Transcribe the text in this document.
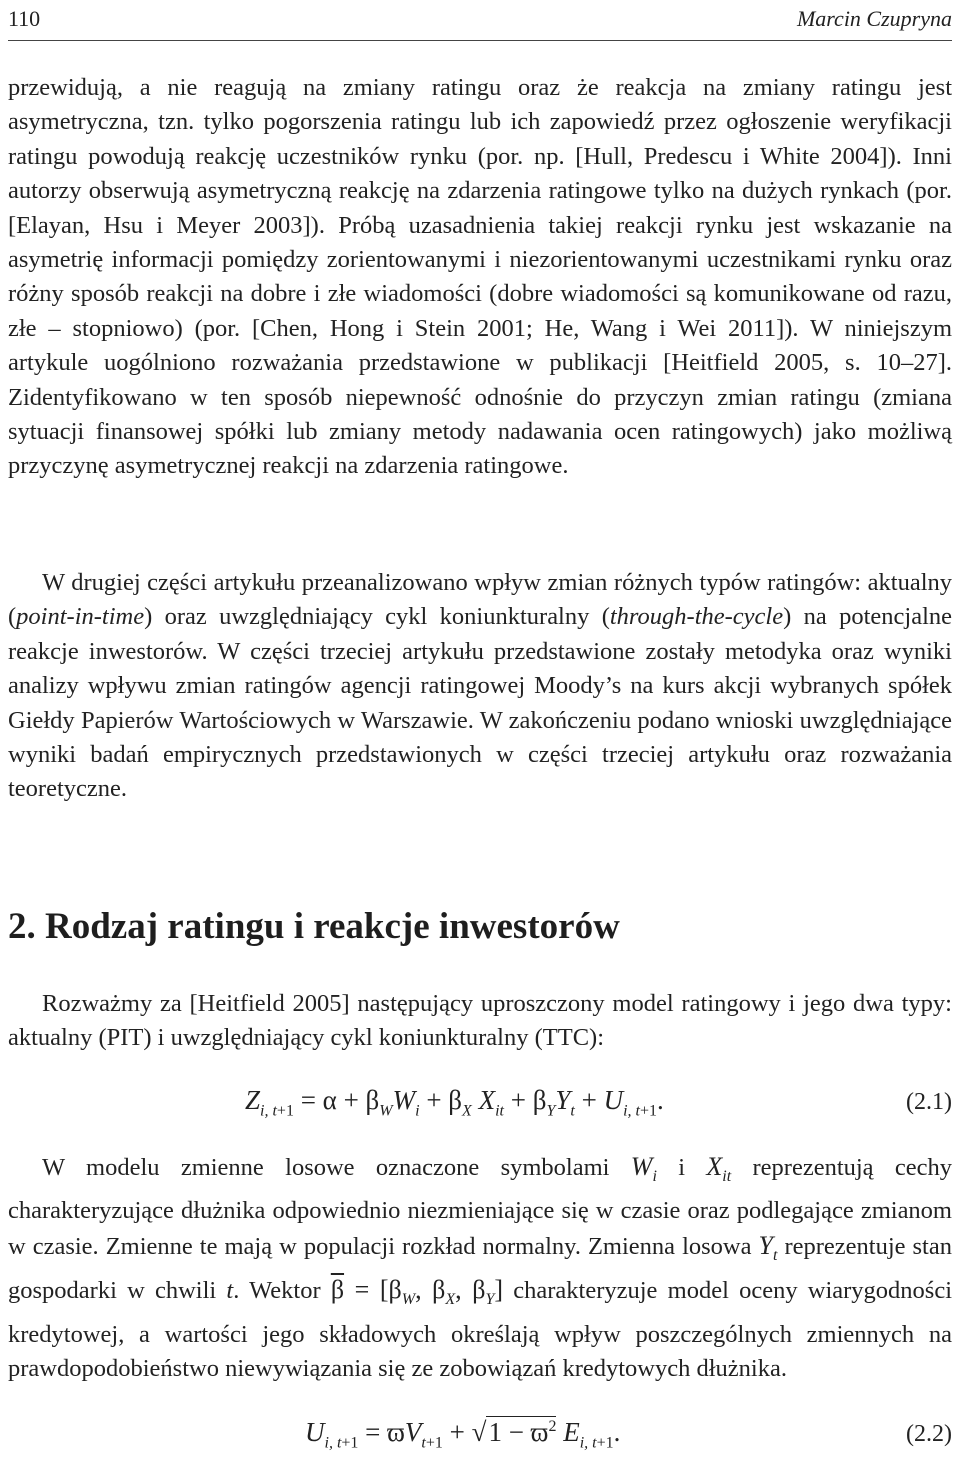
110	Marcin Czupryna

przewidują, a nie reagują na zmiany ratingu oraz że reakcja na zmiany ratingu jest asymetryczna, tzn. tylko pogorszenia ratingu lub ich zapowiedź przez ogłoszenie weryfikacji ratingu powodują reakcję uczestników rynku (por. np. [Hull, Predescu i White 2004]). Inni autorzy obserwują asymetryczną reakcję na zdarzenia ratingowe tylko na dużych rynkach (por. [Elayan, Hsu i Meyer 2003]). Próbą uzasadnienia takiej reakcji rynku jest wskazanie na asymetrię informacji pomiędzy zorientowanymi i niezorientowanymi uczestnikami rynku oraz różny sposób reakcji na dobre i złe wiadomości (dobre wiadomości są komunikowane od razu, złe – stopniowo) (por. [Chen, Hong i Stein 2001; He, Wang i Wei 2011]). W niniejszym artykule uogólniono rozważania przedstawione w publikacji [Heitfield 2005, s. 10–27]. Zidentyfikowano w ten sposób niepewność odnośnie do przyczyn zmian ratingu (zmiana sytuacji finansowej spółki lub zmiany metody nadawania ocen ratingowych) jako możliwą przyczynę asymetrycznej reakcji na zdarzenia ratingowe.

W drugiej części artykułu przeanalizowano wpływ zmian różnych typów ratingów: aktualny (point-in-time) oraz uwzględniający cykl koniunkturalny (through-the-cycle) na potencjalne reakcje inwestorów. W części trzeciej artykułu przedstawione zostały metodyka oraz wyniki analizy wpływu zmian ratingów agencji ratingowej Moody’s na kurs akcji wybranych spółek Giełdy Papierów Wartościowych w Warszawie. W zakończeniu podano wnioski uwzględniające wyniki badań empirycznych przedstawionych w części trzeciej artykułu oraz rozważania teoretyczne.

2. Rodzaj ratingu i reakcje inwestorów

Rozważmy za [Heitfield 2005] następujący uproszczony model ratingowy i jego dwa typy: aktualny (PIT) i uwzględniający cykl koniunkturalny (TTC):

$Z_{i, t+1} = \alpha + \beta_WW_i + \beta_X$ $X_{it} + \beta_YY_t + U_{i, t+1}$.	(2.1)

W modelu zmienne losowe oznaczone symbolami $W_i$ i $X_{it}$ reprezentują cechy charakteryzujące dłużnika odpowiednio niezmieniające się w czasie oraz podlegające zmianom w czasie. Zmienne te mają w populacji rozkład normalny. Zmienna losowa $Y_t$ reprezentuje stan gospodarki w chwili t. Wektor $\overline{\beta} = [\beta_W$, $\beta_X$, $\beta_Y$] charakteryzuje model oceny wiarygodności kredytowej, a wartości jego składowych określają wpływ poszczególnych zmiennych na prawdopodobieństwo niewywiązania się ze zobowiązań kredytowych dłużnika.

$U_{i, t+1} = ϖV_{t+1} + √1 - ϖ^2$ $E_{i, t+1}$.	(2.2)
